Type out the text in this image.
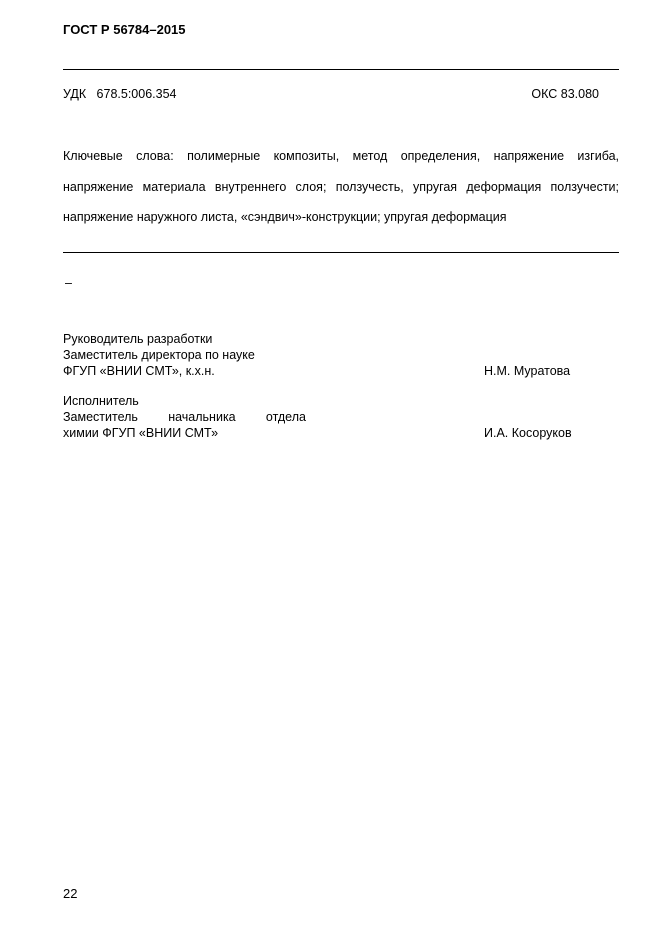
ГОСТ Р 56784–2015
УДК   678.5:006.354	ОКС 83.080
Ключевые слова: полимерные композиты, метод определения, напряжение изгиба,
напряжение материала внутреннего слоя; ползучесть, упругая деформация ползучести;
напряжение наружного листа, «сэндвич»-конструкции; упругая деформация
–
Руководитель разработки
Заместитель директора по науке
ФГУП «ВНИИ СМТ», к.х.н.	Н.М. Муратова
Исполнитель
Заместитель начальника отдела
химии ФГУП «ВНИИ СМТ»	И.А. Косоруков
22
